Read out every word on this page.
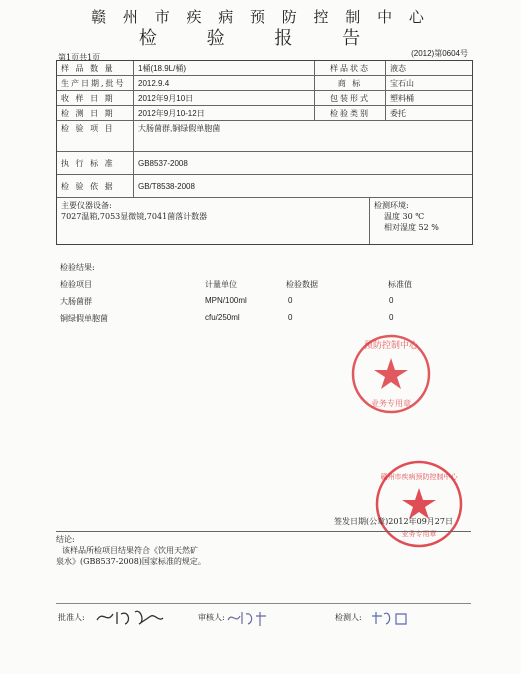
赣 州 市 疾 病 预 防 控 制 中 心
检 验 报 告
第1页共1页	(2012)第0604号
样 品 数 量	1桶(18.9L/桶)	样品状态	液态
生产日期,批号	2012.9.4	商 标	宝石山
收 样 日 期	2012年9月10日	包装形式	塑料桶
检 测 日 期	2012年9月10-12日	检验类别	委托
检 验 项 目	大肠菌群,铜绿假单胞菌
执 行 标 准	GB8537-2008
检 验 依 据	GB/T8538-2008
主要仪器设备:
7027温箱,7053显微镜,7041菌落计数器
检测环境:
温度 30 ℃
相对湿度 52 %
检验结果:
检验项目	计量单位	检验数据	标准值
大肠菌群	MPN/100ml	0	0
铜绿假单胞菌	cfu/250ml	0	0
预防控制中心
业务专用章
赣州市疾病预防控制中心
业务专用章
签发日期(公章)2012年09月27日
结论:
该样品所检项目结果符合《饮用天然矿
泉水》(GB8537-2008)国家标准的规定。
批准人:	审核人:	检测人:
